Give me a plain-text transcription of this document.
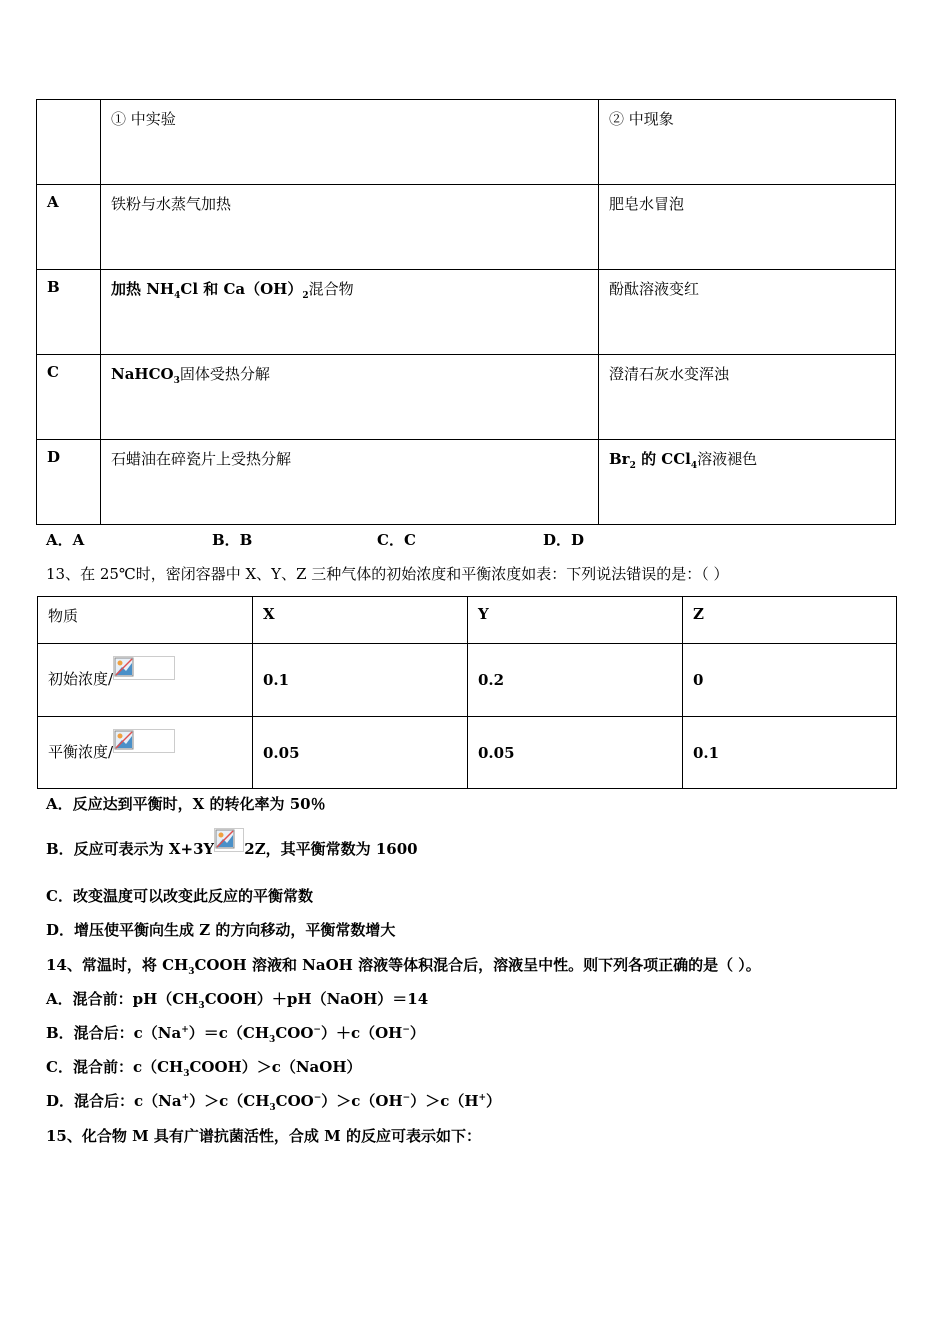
	① 中实验	② 中现象

A	铁粉与水蒸气加热	肥皂水冒泡

B	加热 $NH_4Cl$ 和 $Ca(OH)_2$混合物	酚酞溶液变红

C	NaHCO$_3$固体受热分解	澄清石灰水变浑浊

D	石蜡油在碎瓷片上受热分解	$Br_2$ 的 CCl$_4$溶液褪色
A．A	B．B	C．C	D．D
13、在 25℃时，密闭容器中 X、Y、Z 三种气体的初始浓度和平衡浓度如表：下列说法错误的是：（ ）
物质	X	Y	Z

初始浓度/	0.1	0.2	0

平衡浓度/	0.05	0.05	0.1
A．反应达到平衡时，X 的转化率为 50％
B．反应可表示为 X+3Y 2Z，其平衡常数为 1600
C．改变温度可以改变此反应的平衡常数
D．增压使平衡向生成 Z 的方向移动，平衡常数增大
14、常温时，将 $CH_3COOH$ 溶液和 NaOH 溶液等体积混合后，溶液呈中性。则下列各项正确的是（ ）。
A．混合前：$pH(CH_3COOH)+pH(NaOH)=14$
B．混合后：$c(Na^+)=c(CH_3COO^-)+c(OH^-)$
C．混合前：$c(CH_3COOH)>c(NaOH)$
D．混合后：$c(Na^+)>c(CH_3COO^-)>c(OH^-)>c(H^+)$
15、化合物 M 具有广谱抗菌活性，合成 M 的反应可表示如下：
